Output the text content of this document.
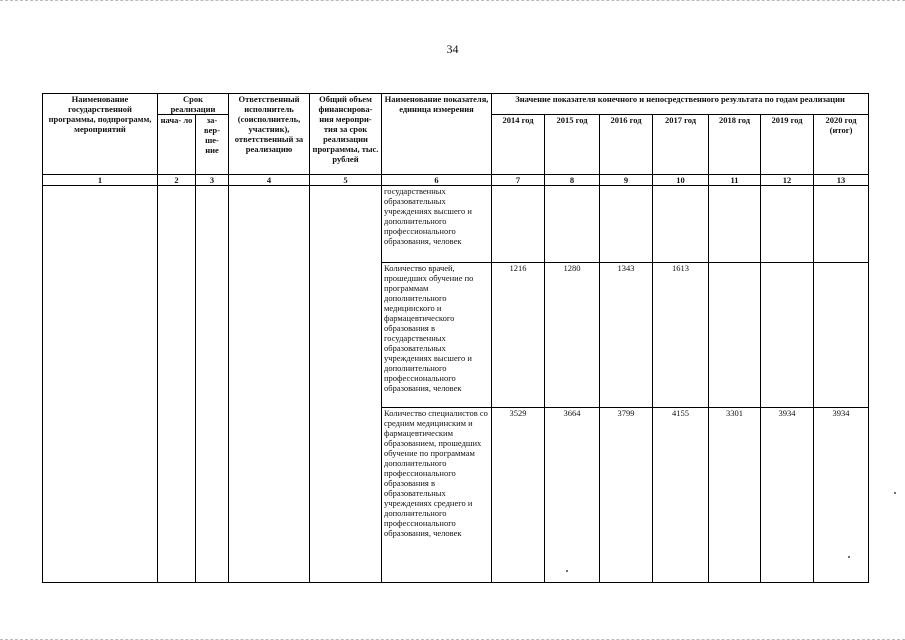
34
Наименование государственной программы, подпрограмм, мероприятий	Срок реализации		Ответственный исполнитель (соисполнитель, участник), ответственный за реализацию	Общий объем финансирова- ния меропри- тия за срок реализации программы, тыс. рублей	Наименование показателя, единица измерения	Значение показателя конечного и непосредственного результата по годам реализации						
	нача- ло	за- вер- ше- ние				2014 год	2015 год	2016 год	2017 год	2018 год	2019 год	2020 год (итог)
1	2	3	4	5	6	7	8	9	10	11	12	13
					государственных образовательных учреждениях высшего и дополнительного профессионального образования, человек							
					Количество врачей, прошедших обучение по программам дополнительного медицинского и фармацевтического образования в государственных образовательных учреждениях высшего и дополнительного профессионального образования, человек	1216	1280	1343	1613			
					Количество специалистов со средним медицинским и фармацевтическим образованием, прошедших обучение по программам дополнительного профессионального образования в образовательных учреждениях среднего и дополнительного профессионального образования, человек	3529	3664	3799	4155	3301	3934	3934
